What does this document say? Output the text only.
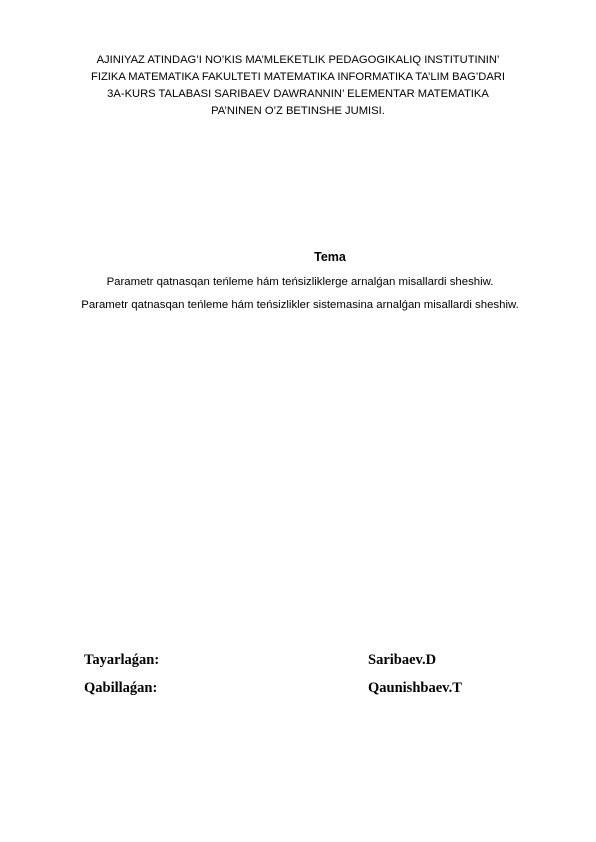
AJINIYAZ ATINDAG’I NO’KIS MA’MLEKETLIK PEDAGOGIKALIQ INSTITUTININ’
FIZIKA MATEMATIKA FAKULTETI MATEMATIKA INFORMATIKA TA’LIM BAG’DARI
3A-KURS TALABASI SARIBAEV DAWRANNIN’ ELEMENTAR MATEMATIKA
PA’NINEN O’Z BETINSHE JUMISI.
Tema
Parametr qatnasqan teńleme hám teńsizliklerge arnalǵan misallardi sheshiw.
Parametr qatnasqan teńleme hám teńsizlikler sistemasina arnalǵan misallardi sheshiw.
Tayarlaǵan:	Saribaev.D
Qabillaǵan:	Qaunishbaev.T
